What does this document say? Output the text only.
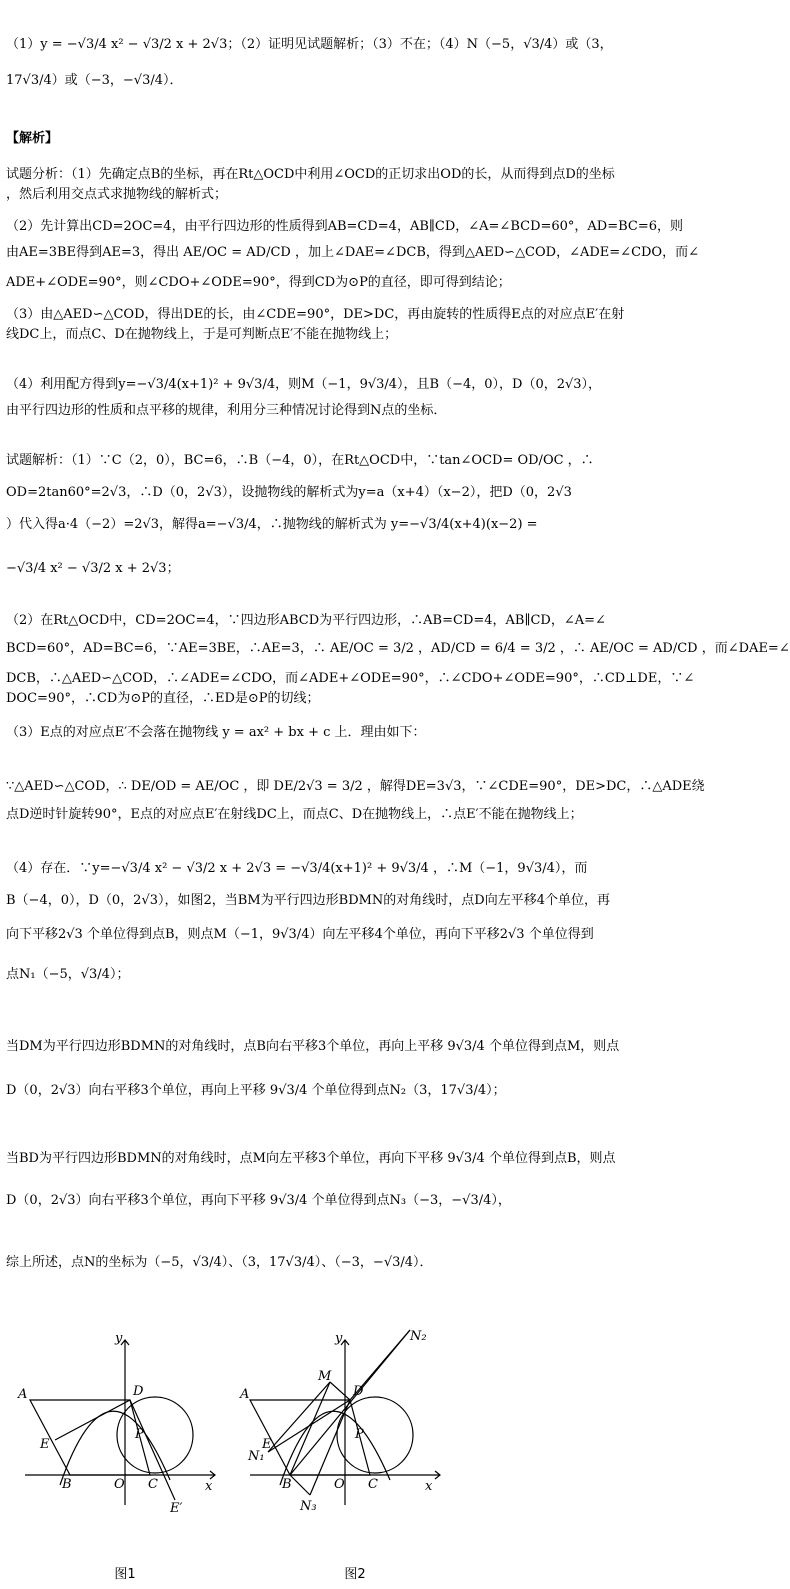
（1）y = −√3/4 x² − √3/2 x + 2√3；（2）证明见试题解析；（3）不在；（4）N（−5，√3/4）或（3，
17√3/4）或（−3，−√3/4）．
【解析】
试题分析：（1）先确定点B的坐标，再在Rt△OCD中利用∠OCD的正切求出OD的长，从而得到点D的坐标
，然后利用交点式求抛物线的解析式；
（2）先计算出CD=2OC=4，由平行四边形的性质得到AB=CD=4，AB∥CD，∠A=∠BCD=60°，AD=BC=6，则
由AE=3BE得到AE=3，得出 AE/OC = AD/CD ，加上∠DAE=∠DCB，得到△AED∽△COD，∠ADE=∠CDO，而∠
ADE+∠ODE=90°，则∠CDO+∠ODE=90°，得到CD为⊙P的直径，即可得到结论；
（3）由△AED∽△COD，得出DE的长，由∠CDE=90°，DE>DC，再由旋转的性质得E点的对应点E′在射
线DC上，而点C、D在抛物线上，于是可判断点E′不能在抛物线上；
（4）利用配方得到y=−√3/4(x+1)² + 9√3/4，则M（−1，9√3/4），且B（−4，0），D（0，2√3），
由平行四边形的性质和点平移的规律，利用分三种情况讨论得到N点的坐标．
试题解析：（1）∵C（2，0），BC=6，∴B（−4，0），在Rt△OCD中，∵tan∠OCD= OD/OC ，∴
OD=2tan60°=2√3，∴D（0，2√3），设抛物线的解析式为y=a（x+4）（x−2），把D（0，2√3
）代入得a·4（−2）=2√3，解得a=−√3/4，∴抛物线的解析式为 y=−√3/4(x+4)(x−2) =
−√3/4 x² − √3/2 x + 2√3；
（2）在Rt△OCD中，CD=2OC=4，∵四边形ABCD为平行四边形，∴AB=CD=4，AB∥CD，∠A=∠
BCD=60°，AD=BC=6，∵AE=3BE，∴AE=3，∴ AE/OC = 3/2 ，AD/CD = 6/4 = 3/2 ，∴ AE/OC = AD/CD ，而∠DAE=∠
DCB，∴△AED∽△COD，∴∠ADE=∠CDO，而∠ADE+∠ODE=90°，∴∠CDO+∠ODE=90°，∴CD⊥DE，∵∠
DOC=90°，∴CD为⊙P的直径，∴ED是⊙P的切线；
（3）E点的对应点E′不会落在抛物线 y = ax² + bx + c 上．理由如下：
∵△AED∽△COD，∴ DE/OD = AE/OC ，即 DE/2√3 = 3/2 ，解得DE=3√3，∵∠CDE=90°，DE>DC，∴△ADE绕
点D逆时针旋转90°，E点的对应点E′在射线DC上，而点C、D在抛物线上，∴点E′不能在抛物线上；
（4）存在．∵y=−√3/4 x² − √3/2 x + 2√3 = −√3/4(x+1)² + 9√3/4 ，∴M（−1，9√3/4），而
B（−4，0），D（0，2√3），如图2，当BM为平行四边形BDMN的对角线时，点D向左平移4个单位，再
向下平移2√3 个单位得到点B，则点M（−1，9√3/4）向左平移4个单位，再向下平移2√3 个单位得到
点N₁（−5，√3/4）；
当DM为平行四边形BDMN的对角线时，点B向右平移3个单位，再向上平移 9√3/4 个单位得到点M，则点
D（0，2√3）向右平移3个单位，再向上平移 9√3/4 个单位得到点N₂（3，17√3/4）；
当BD为平行四边形BDMN的对角线时，点M向左平移3个单位，再向下平移 9√3/4 个单位得到点B，则点
D（0，2√3）向右平移3个单位，再向下平移 9√3/4 个单位得到点N₃（−3，−√3/4），
综上所述，点N的坐标为（−5，√3/4）、（3，17√3/4）、（−3，−√3/4）．
A
B	C
D
E
E′
O
P
x
y
A
B	C
D
E
O
P
x
y
M
N₁
N₂
N₃
图1	图2
